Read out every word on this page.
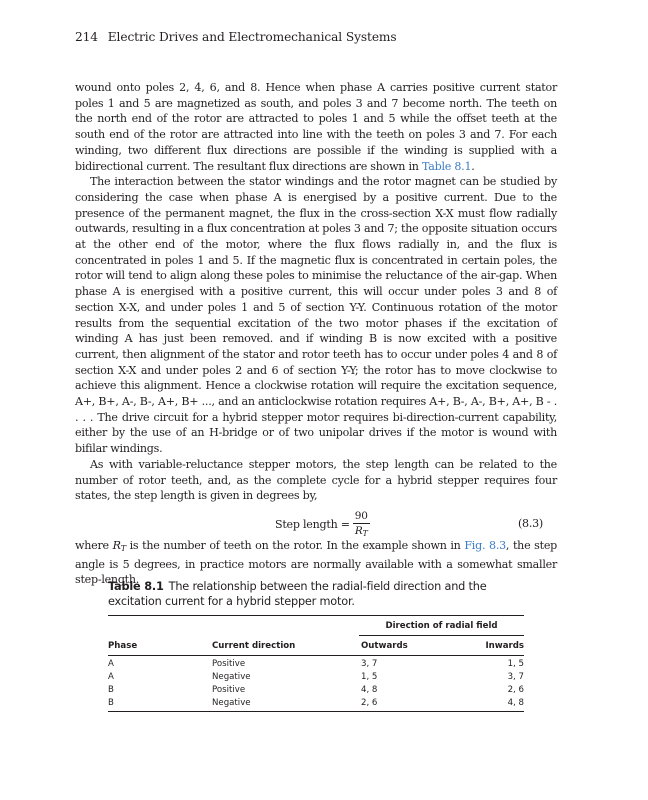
214 Electric Drives and Electromechanical Systems

wound onto poles 2, 4, 6, and 8. Hence when phase A carries positive current stator poles 1 and 5 are magnetized as south, and poles 3 and 7 become north. The teeth on the north end of the rotor are attracted to poles 1 and 5 while the offset teeth at the south end of the rotor are attracted into line with the teeth on poles 3 and 7. For each winding, two different flux directions are possible if the winding is supplied with a bidirectional current. The resultant flux directions are shown in Table 8.1.

The interaction between the stator windings and the rotor magnet can be studied by considering the case when phase A is energised by a positive current. Due to the presence of the permanent magnet, the flux in the cross-section X-X must flow radially outwards, resulting in a flux concentration at poles 3 and 7; the opposite situation occurs at the other end of the motor, where the flux flows radially in, and the flux is concentrated in poles 1 and 5. If the magnetic flux is concentrated in certain poles, the rotor will tend to align along these poles to minimise the reluctance of the air-gap. When phase A is energised with a positive current, this will occur under poles 3 and 8 of section X-X, and under poles 1 and 5 of section Y-Y. Continuous rotation of the motor results from the sequential excitation of the two motor phases if the excitation of winding A has just been removed. and if winding B is now excited with a positive current, then alignment of the stator and rotor teeth has to occur under poles 4 and 8 of section X-X and under poles 2 and 6 of section Y-Y; the rotor has to move clockwise to achieve this alignment. Hence a clockwise rotation will require the excitation sequence, A+, B+, A-, B-, A+, B+ ..., and an anticlockwise rotation requires A+, B-, A-, B+, A+, B - . . . . The drive circuit for a hybrid stepper motor requires bi-direction-current capability, either by the use of an H-bridge or of two unipolar drives if the motor is wound with bifilar windings.

As with variable-reluctance stepper motors, the step length can be related to the number of rotor teeth, and, as the complete cycle for a hybrid stepper requires four states, the step length is given in degrees by,

Step length = $\frac{90}{R_T}$	(8.3)

where $R_T$ is the number of teeth on the rotor. In the example shown in Fig. 8.3, the step angle is 5 degrees, in practice motors are normally available with a somewhat smaller step-length.

Table 8.1 The relationship between the radial-field direction and the excitation current for a hybrid stepper motor.
Direction of radial field
Phase	Current direction	Outwards	Inwards
A	Positive	3, 7	1, 5
A	Negative	1, 5	3, 7
B	Positive	4, 8	2, 6
B	Negative	2, 6	4, 8
